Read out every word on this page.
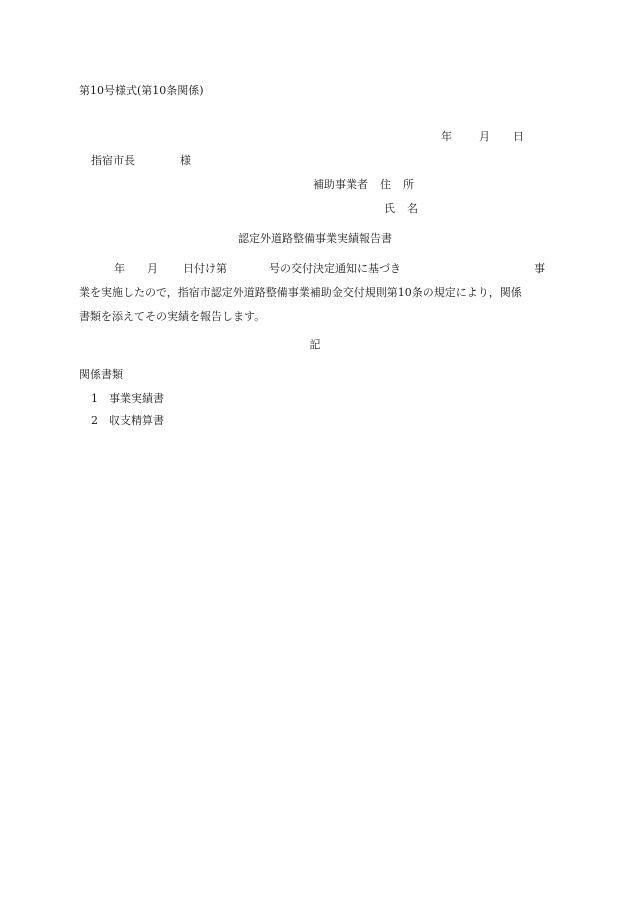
第10号様式(第10条関係)
年 月 日
指宿市長	様
補助事業者 住 所
氏 名
認定外道路整備事業実績報告書
年 月 日付け第	号の交付決定通知に基づき	事
業を実施したので，指宿市認定外道路整備事業補助金交付規則第10条の規定により，関係
書類を添えてその実績を報告します。
記
関係書類
1 事業実績書
2 収支精算書
